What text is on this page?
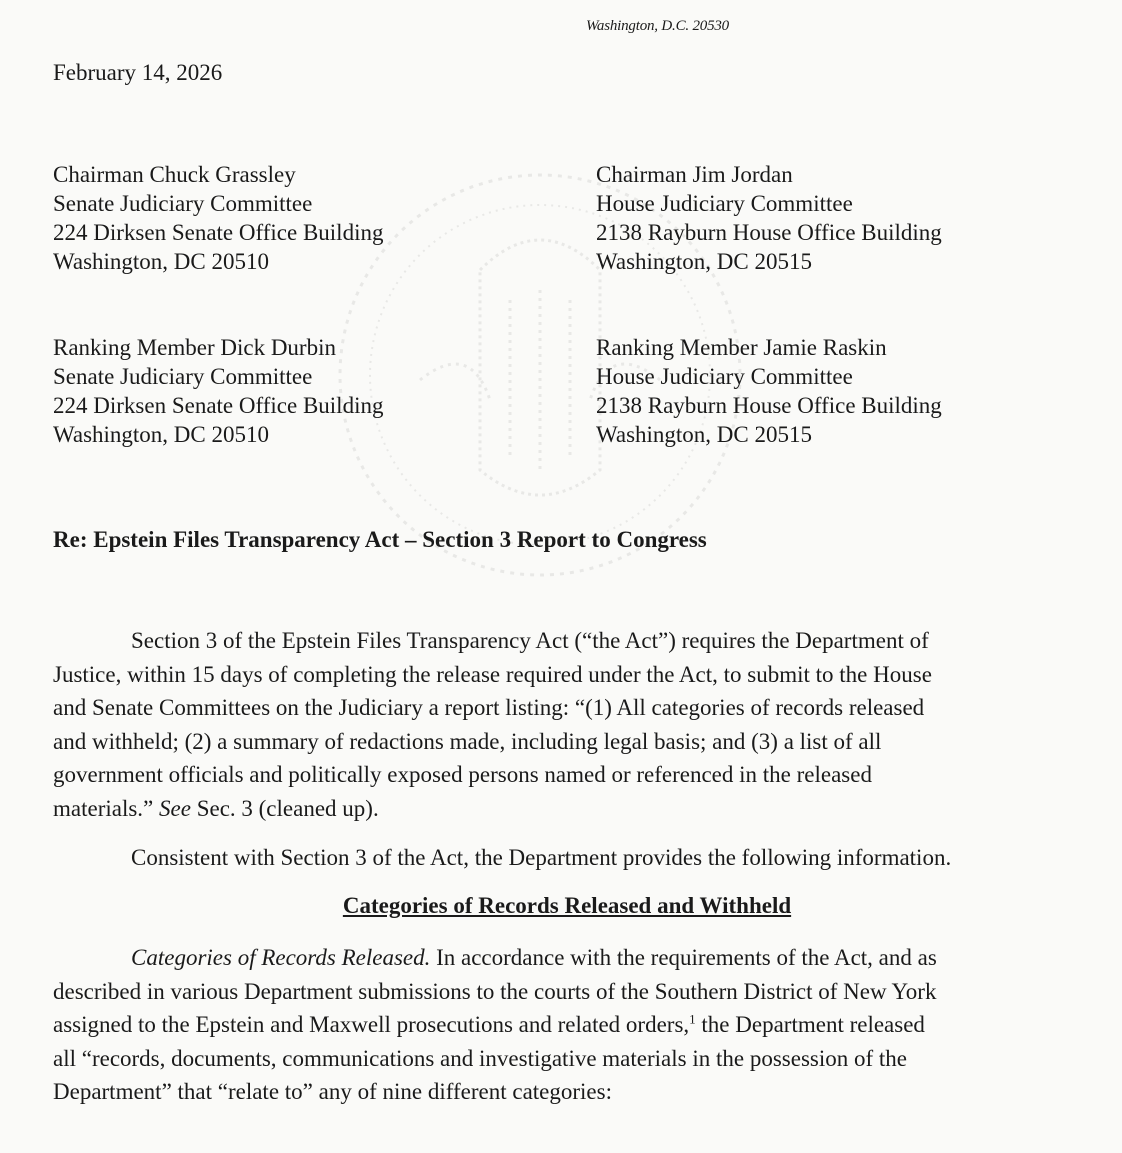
Washington, D.C. 20530
February 14, 2026
Chairman Chuck Grassley
Senate Judiciary Committee
224 Dirksen Senate Office Building
Washington, DC 20510
Chairman Jim Jordan
House Judiciary Committee
2138 Rayburn House Office Building
Washington, DC 20515
Ranking Member Dick Durbin
Senate Judiciary Committee
224 Dirksen Senate Office Building
Washington, DC 20510
Ranking Member Jamie Raskin
House Judiciary Committee
2138 Rayburn House Office Building
Washington, DC 20515
Re: Epstein Files Transparency Act – Section 3 Report to Congress
Section 3 of the Epstein Files Transparency Act (“the Act”) requires the Department of
Justice, within 15 days of completing the release required under the Act, to submit to the House
and Senate Committees on the Judiciary a report listing: “(1) All categories of records released
and withheld; (2) a summary of redactions made, including legal basis; and (3) a list of all
government officials and politically exposed persons named or referenced in the released
materials.” See Sec. 3 (cleaned up).
Consistent with Section 3 of the Act, the Department provides the following information.
Categories of Records Released and Withheld
Categories of Records Released. In accordance with the requirements of the Act, and as
described in various Department submissions to the courts of the Southern District of New York
assigned to the Epstein and Maxwell prosecutions and related orders,$^1$ the Department released
all “records, documents, communications and investigative materials in the possession of the
Department” that “relate to” any of nine different categories:
